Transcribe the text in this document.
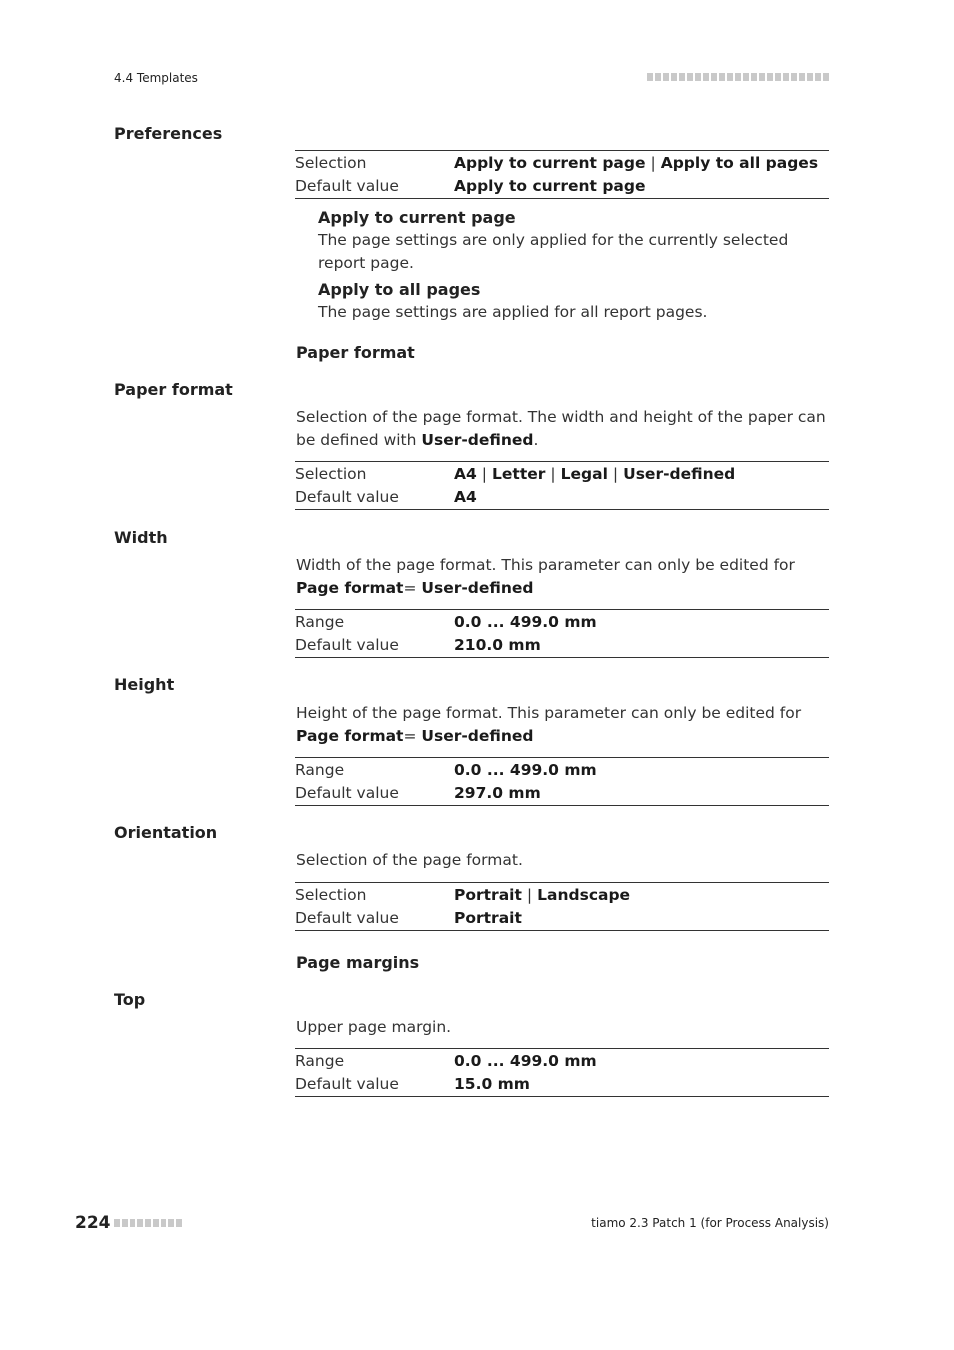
4.4 Templates
Preferences
Selection	Apply to current page | Apply to all pages
Default value	Apply to current page
Apply to current page
The page settings are only applied for the currently selected report page.
Apply to all pages
The page settings are applied for all report pages.
Paper format
Paper format
Selection of the page format. The width and height of the paper can be defined with User-defined.
Selection	A4 | Letter | Legal | User-defined
Default value	A4
Width
Width of the page format. This parameter can only be edited for Page format= User-defined
Range	0.0 ... 499.0 mm
Default value	210.0 mm
Height
Height of the page format. This parameter can only be edited for Page format= User-defined
Range	0.0 ... 499.0 mm
Default value	297.0 mm
Orientation
Selection of the page format.
Selection	Portrait | Landscape
Default value	Portrait
Page margins
Top
Upper page margin.
Range	0.0 ... 499.0 mm
Default value	15.0 mm
224	tiamo 2.3 Patch 1 (for Process Analysis)
